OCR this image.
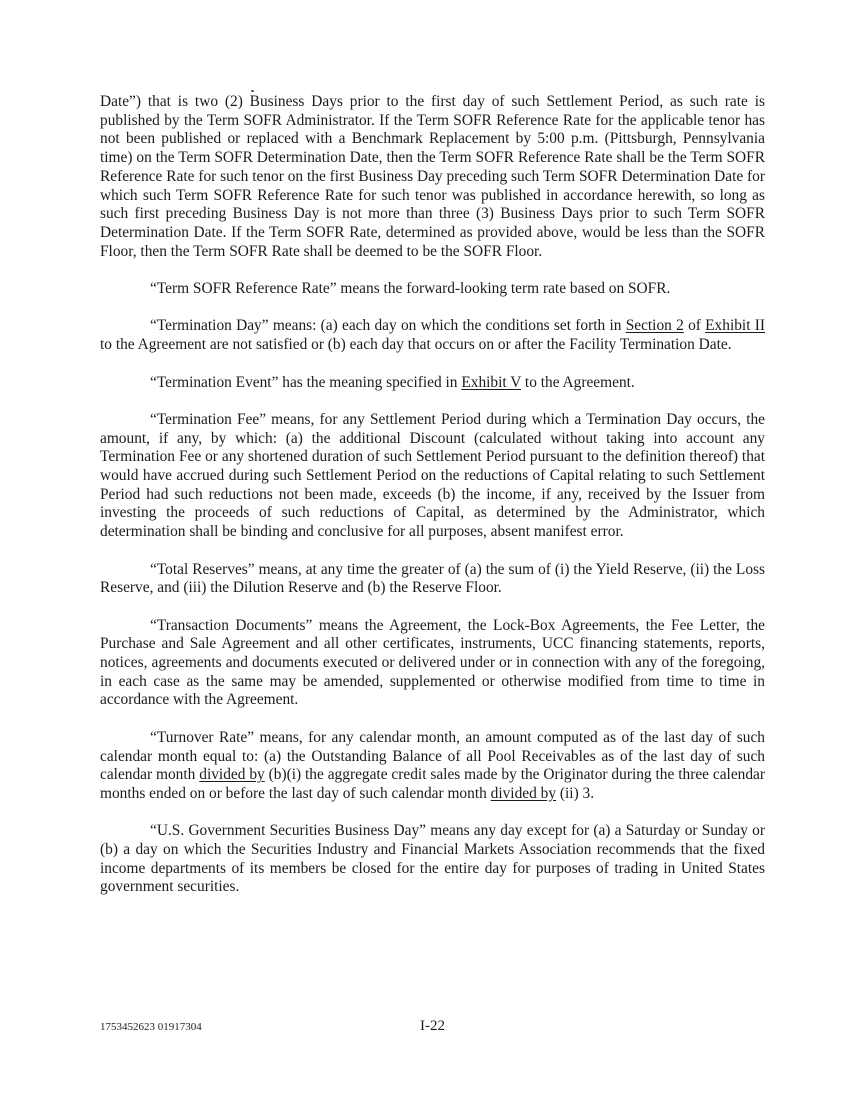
Date”) that is two (2) Business Days prior to the first day of such Settlement Period, as such rate is published by the Term SOFR Administrator. If the Term SOFR Reference Rate for the applicable tenor has not been published or replaced with a Benchmark Replacement by 5:00 p.m. (Pittsburgh, Pennsylvania time) on the Term SOFR Determination Date, then the Term SOFR Reference Rate shall be the Term SOFR Reference Rate for such tenor on the first Business Day preceding such Term SOFR Determination Date for which such Term SOFR Reference Rate for such tenor was published in accordance herewith, so long as such first preceding Business Day is not more than three (3) Business Days prior to such Term SOFR Determination Date. If the Term SOFR Rate, determined as provided above, would be less than the SOFR Floor, then the Term SOFR Rate shall be deemed to be the SOFR Floor.

“Term SOFR Reference Rate” means the forward-looking term rate based on SOFR.

“Termination Day” means: (a) each day on which the conditions set forth in Section 2 of Exhibit II to the Agreement are not satisfied or (b) each day that occurs on or after the Facility Termination Date.

“Termination Event” has the meaning specified in Exhibit V to the Agreement.

“Termination Fee” means, for any Settlement Period during which a Termination Day occurs, the amount, if any, by which: (a) the additional Discount (calculated without taking into account any Termination Fee or any shortened duration of such Settlement Period pursuant to the definition thereof) that would have accrued during such Settlement Period on the reductions of Capital relating to such Settlement Period had such reductions not been made, exceeds (b) the income, if any, received by the Issuer from investing the proceeds of such reductions of Capital, as determined by the Administrator, which determination shall be binding and conclusive for all purposes, absent manifest error.

“Total Reserves” means, at any time the greater of (a) the sum of (i) the Yield Reserve, (ii) the Loss Reserve, and (iii) the Dilution Reserve and (b) the Reserve Floor.

“Transaction Documents” means the Agreement, the Lock-Box Agreements, the Fee Letter, the Purchase and Sale Agreement and all other certificates, instruments, UCC financing statements, reports, notices, agreements and documents executed or delivered under or in connection with any of the foregoing, in each case as the same may be amended, supplemented or otherwise modified from time to time in accordance with the Agreement.

“Turnover Rate” means, for any calendar month, an amount computed as of the last day of such calendar month equal to: (a) the Outstanding Balance of all Pool Receivables as of the last day of such calendar month divided by (b)(i) the aggregate credit sales made by the Originator during the three calendar months ended on or before the last day of such calendar month divided by (ii) 3.

“U.S. Government Securities Business Day” means any day except for (a) a Saturday or Sunday or (b) a day on which the Securities Industry and Financial Markets Association recommends that the fixed income departments of its members be closed for the entire day for purposes of trading in United States government securities.

1753452623 01917304	I-22
